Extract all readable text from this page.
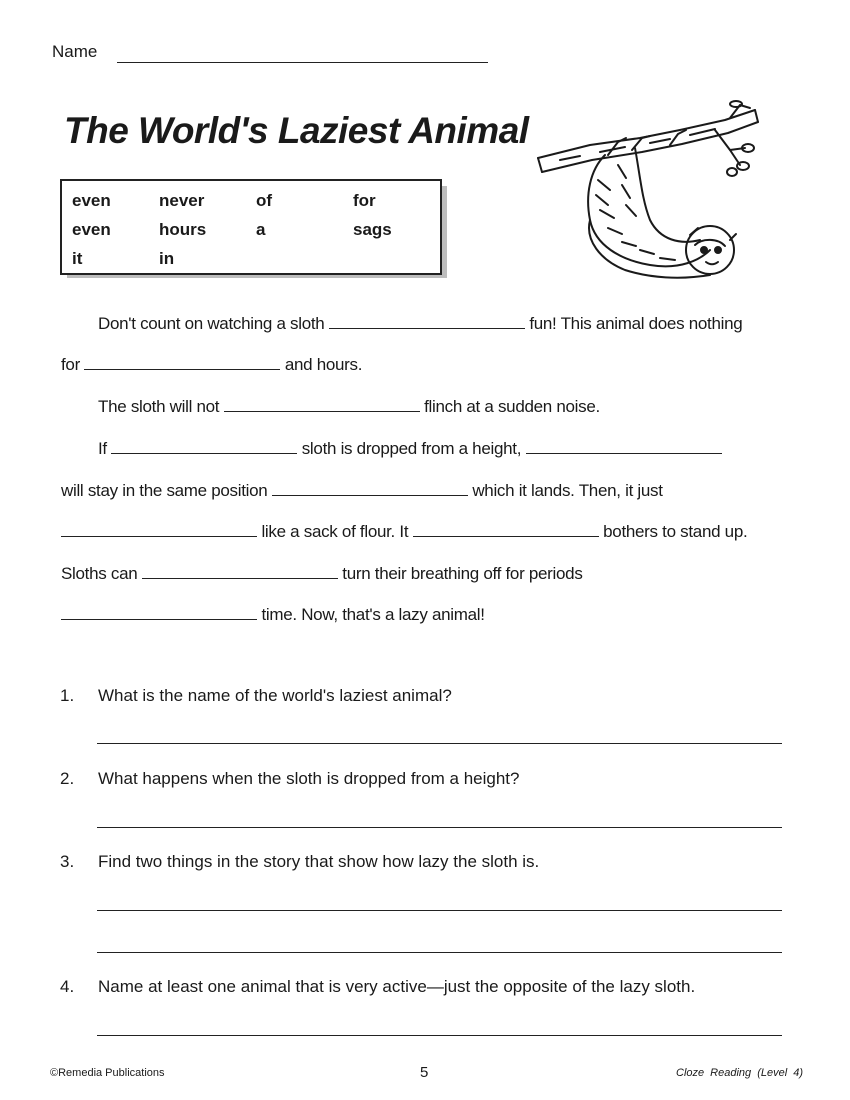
Name
The World's Laziest Animal
even	never	of	for
even	hours	a	sags
it	in
Don't count on watching a sloth	fun! This animal does nothing
for	and hours.
The sloth will not	flinch at a sudden noise.
If	sloth is dropped from a height,
will stay in the same position	which it lands. Then, it just
like a sack of flour. It	bothers to stand up.
Sloths can	turn their breathing off for periods
time. Now, that's a lazy animal!
1. What is the name of the world's laziest animal?
2. What happens when the sloth is dropped from a height?
3. Find two things in the story that show how lazy the sloth is.
4. Name at least one animal that is very active—just the opposite of the lazy sloth.
©Remedia Publications	5	Cloze Reading (Level 4)
